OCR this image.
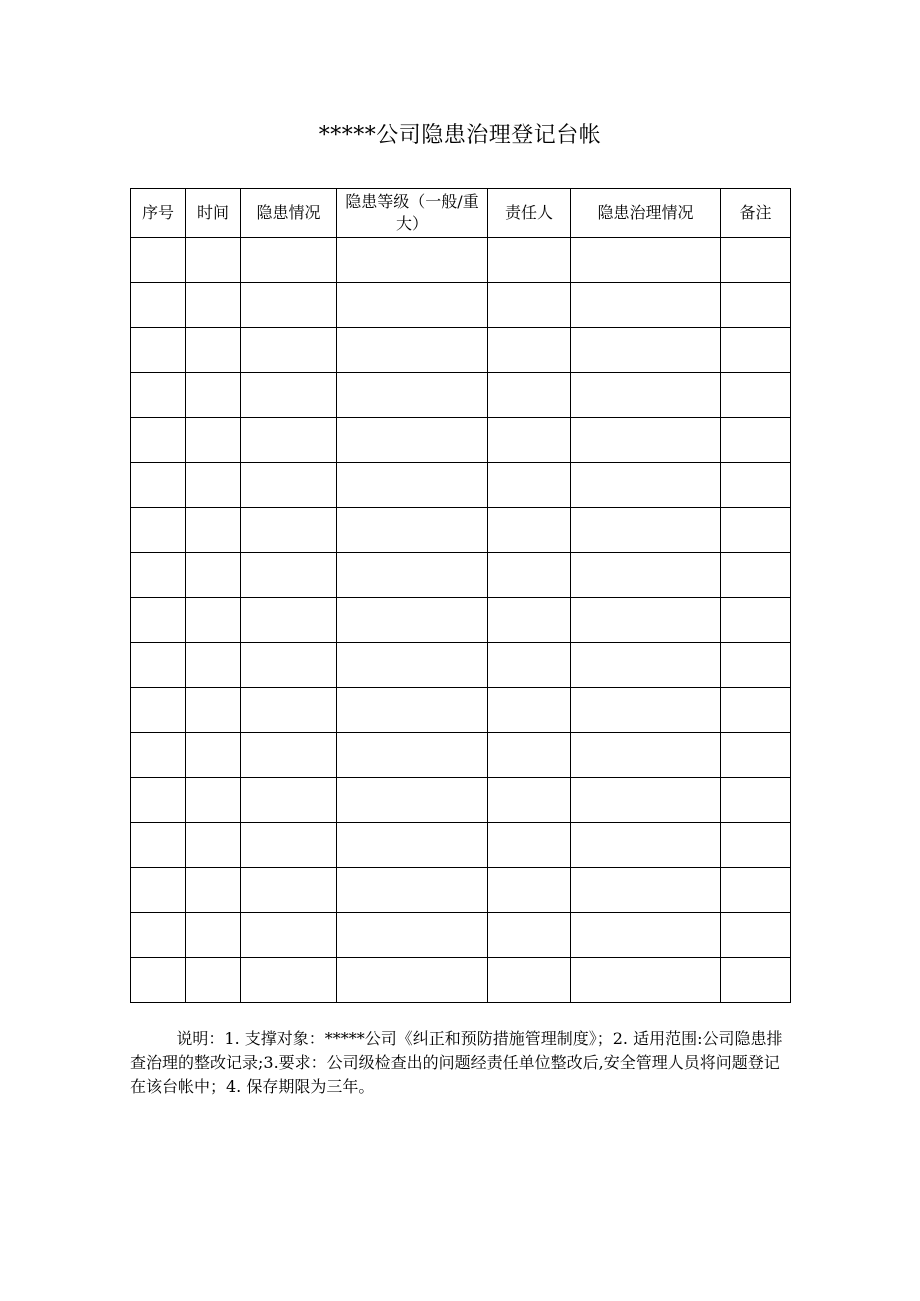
*****公司隐患治理登记台帐
序号	时间	隐患情况	隐患等级（一般/重大）	责任人	隐患治理情况	备注

说明：1. 支撑对象：*****公司《纠正和预防措施管理制度》；2. 适用范围:公司隐患排查治理的整改记录;3.要求：公司级检查出的问题经责任单位整改后,安全管理人员将问题登记在该台帐中；4. 保存期限为三年。
